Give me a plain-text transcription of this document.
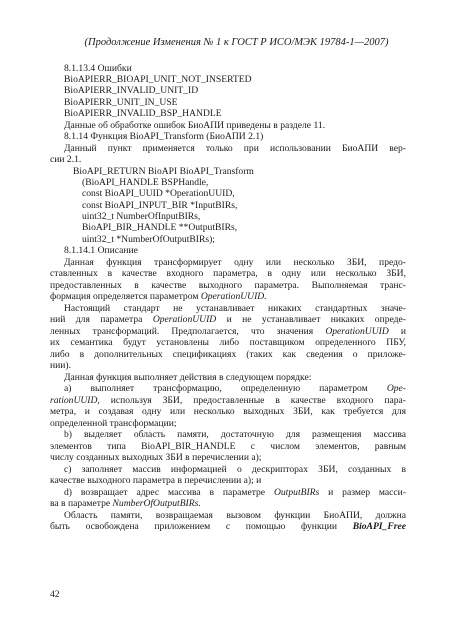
(Продолжение Изменения № 1 к ГОСТ Р ИСО/МЭК 19784-1—2007)
8.1.13.4 Ошибки
BioAPIERR_BIOAPI_UNIT_NOT_INSERTED
BioAPIERR_INVALID_UNIT_ID
BioAPIERR_UNIT_IN_USE
BioAPIERR_INVALID_BSP_HANDLE
Данные об обработке ошибок БиоАПИ приведены в разделе 11.
8.1.14 Функция BioAPI_Transform (БиоАПИ 2.1)
Данный пункт применяется только при использовании БиоАПИ вер-
сии 2.1.
BioAPI_RETURN BioAPI BioAPI_Transform
(BioAPI_HANDLE BSPHandle,
const BioAPI_UUID *OperationUUID,
const BioAPI_INPUT_BIR *InputBIRs,
uint32_t NumberOfInputBIRs,
BioAPI_BIR_HANDLE **OutputBIRs,
uint32_t *NumberOfOutputBIRs);
8.1.14.1 Описание
Данная функция трансформирует одну или несколько ЗБИ, предо-
ставленных в качестве входного параметра, в одну или несколько ЗБИ,
предоставленных в качестве выходного параметра. Выполняемая транс-
формация определяется параметром OperationUUID.
Настоящий стандарт не устанавливает никаких стандартных значе-
ний для параметра OperationUUID и не устанавливает никаких опреде-
ленных трансформаций. Предполагается, что значения OperationUUID и
их семантика будут установлены либо поставщиком определенного ПБУ,
либо в дополнительных спецификациях (таких как сведения о приложе-
нии).
Данная функция выполняет действия в следующем порядке:
а) выполняет трансформацию, определенную параметром Ope-
rationUUID, используя ЗБИ, предоставленные в качестве входного пара-
метра, и создавая одну или несколько выходных ЗБИ, как требуется для
определенной трансформации;
b) выделяет область памяти, достаточную для размещения массива
элементов типа BioAPI_BIR_HANDLE с числом элементов, равным
числу созданных выходных ЗБИ в перечислении a);
c) заполняет массив информацией о дескрипторах ЗБИ, созданных в
качестве выходного параметра в перечислении a); и
d) возвращает адрес массива в параметре OutputBIRs и размер масси-
ва в параметре NumberOfOutputBIRs.
Область памяти, возвращаемая вызовом функции БиоАПИ, должна
быть освобождена приложением с помощью функции BioAPI_Free
42
